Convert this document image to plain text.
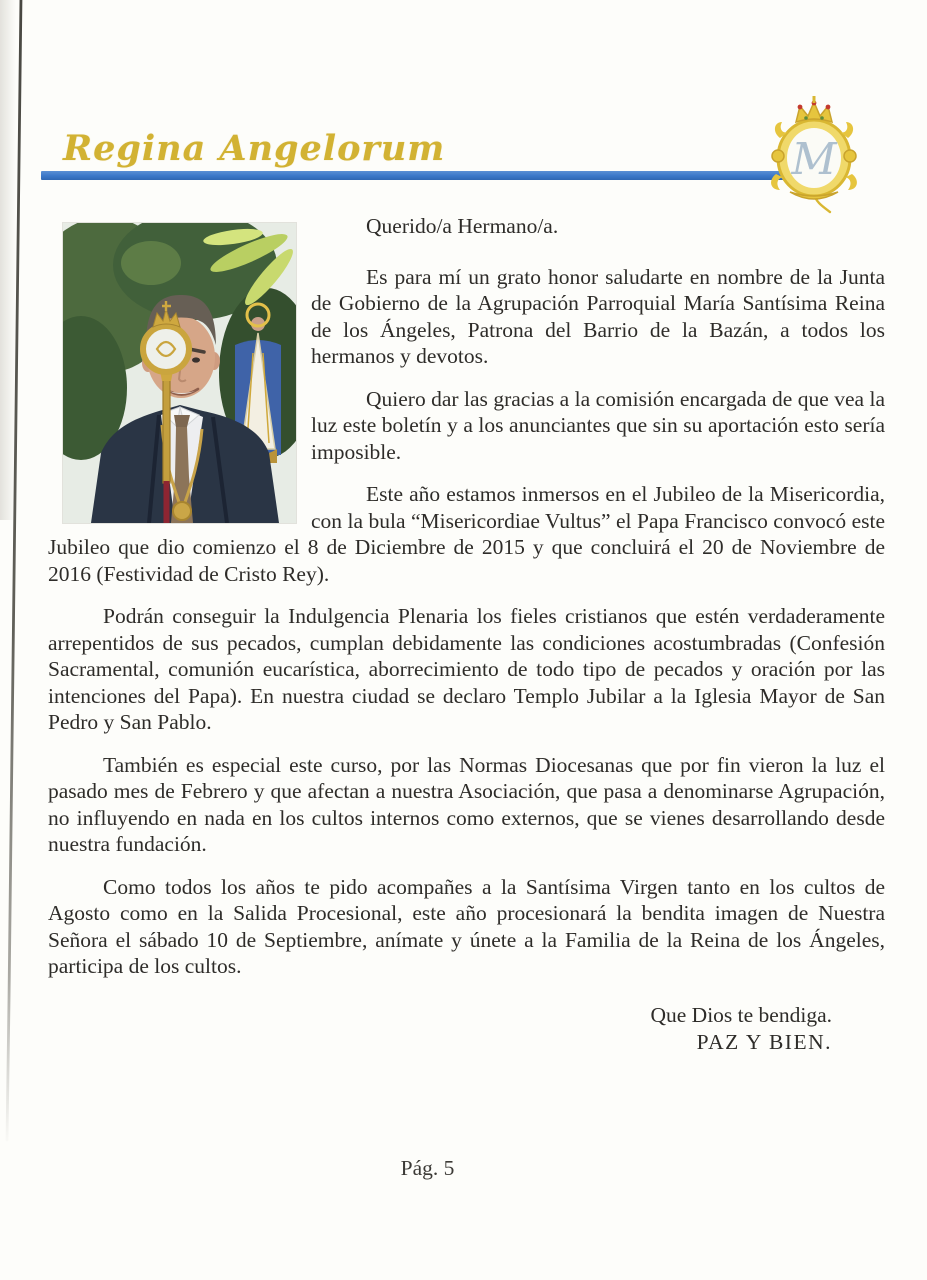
Regina Angelorum	M

Querido/a Hermano/a.

Es para mí un grato honor saludarte en nombre de la Junta de Gobierno de la Agrupación Parroquial María Santísima Reina de los Ángeles, Patrona del Barrio de la Bazán, a todos los hermanos y devotos.

Quiero dar las gracias a la comisión encargada de que vea la luz este boletín y a los anunciantes que sin su aportación esto sería imposible.

Este año estamos inmersos en el Jubileo de la Misericordia, con la bula “Misericordiae Vultus” el Papa Francisco convocó este Jubileo que dio comienzo el 8 de Diciembre de 2015 y que concluirá el 20 de Noviembre de 2016 (Festividad de Cristo Rey).

Podrán conseguir la Indulgencia Plenaria los fieles cristianos que estén verdaderamente arrepentidos de sus pecados, cumplan debidamente las condiciones acostumbradas (Confesión Sacramental, comunión eucarística, aborrecimiento de todo tipo de pecados y oración por las intenciones del Papa). En nuestra ciudad se declaro Templo Jubilar a la Iglesia Mayor de San Pedro y San Pablo.

También es especial este curso, por las Normas Diocesanas que por fin vieron la luz el pasado mes de Febrero y que afectan a nuestra Asociación, que pasa a denominarse Agrupación, no influyendo en nada en los cultos internos como externos, que se vienes desarrollando desde nuestra fundación.

Como todos los años te pido acompañes a la Santísima Virgen tanto en los cultos de Agosto como en la Salida Procesional, este año procesionará la bendita imagen de Nuestra Señora el sábado 10 de Septiembre, anímate y únete a la Familia de la Reina de los Ángeles, participa de los cultos.

Que Dios te bendiga.
PAZ Y BIEN.
Pág. 5
